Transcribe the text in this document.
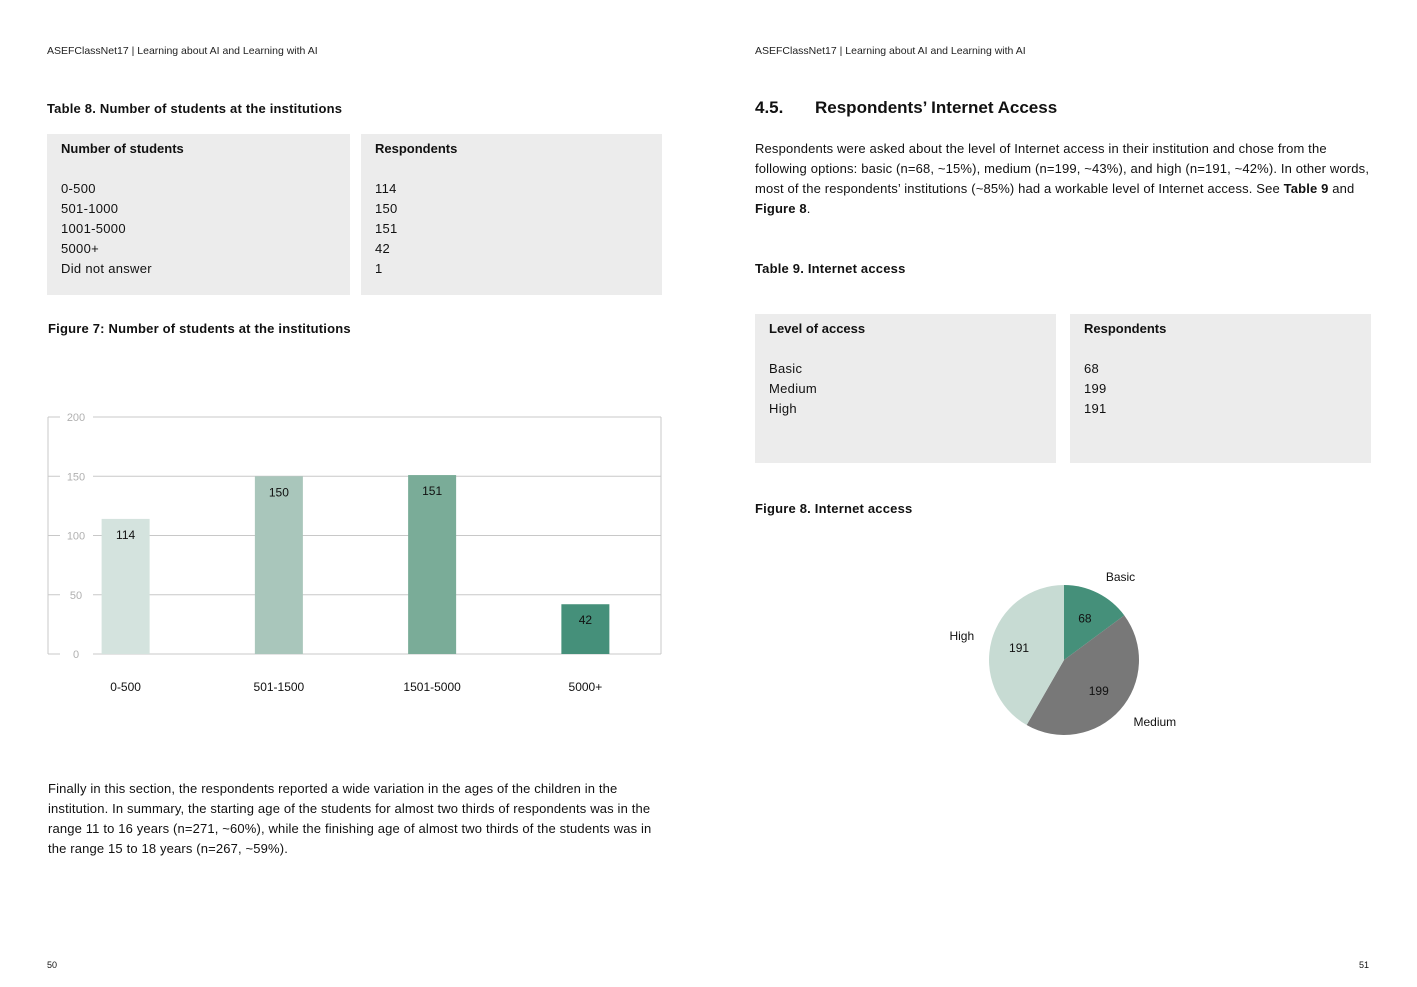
ASEFClassNet17 | Learning about AI and Learning with AI
Table 8. Number of students at the institutions
Number of students
0-500
501-1000
1001-5000
5000+
Did not answer
Respondents
114
150
151
42
1
Figure 7: Number of students at the institutions
0
50
100
150
200
114
0-500
150
501-1500
151
1501-5000
42
5000+
Finally in this section, the respondents reported a wide variation in the ages of the children in the institution. In summary, the starting age of the students for almost two thirds of respondents was in the range 11 to 16 years (n=271, ~60%), while the finishing age of almost two thirds of the students was in the range 15 to 18 years (n=267, ~59%).
50
ASEFClassNet17 | Learning about AI and Learning with AI
4.5. Respondents’ Internet Access
Respondents were asked about the level of Internet access in their institution and chose from the following options: basic (n=68, ~15%), medium (n=199, ~43%), and high (n=191, ~42%). In other words, most of the respondents’ institutions (~85%) had a workable level of Internet access. See Table 9 and Figure 8.
Table 9. Internet access
Level of access
Basic
Medium
High
Respondents
68
199
191
Figure 8. Internet access
68
Basic
199
Medium
191
High
51
